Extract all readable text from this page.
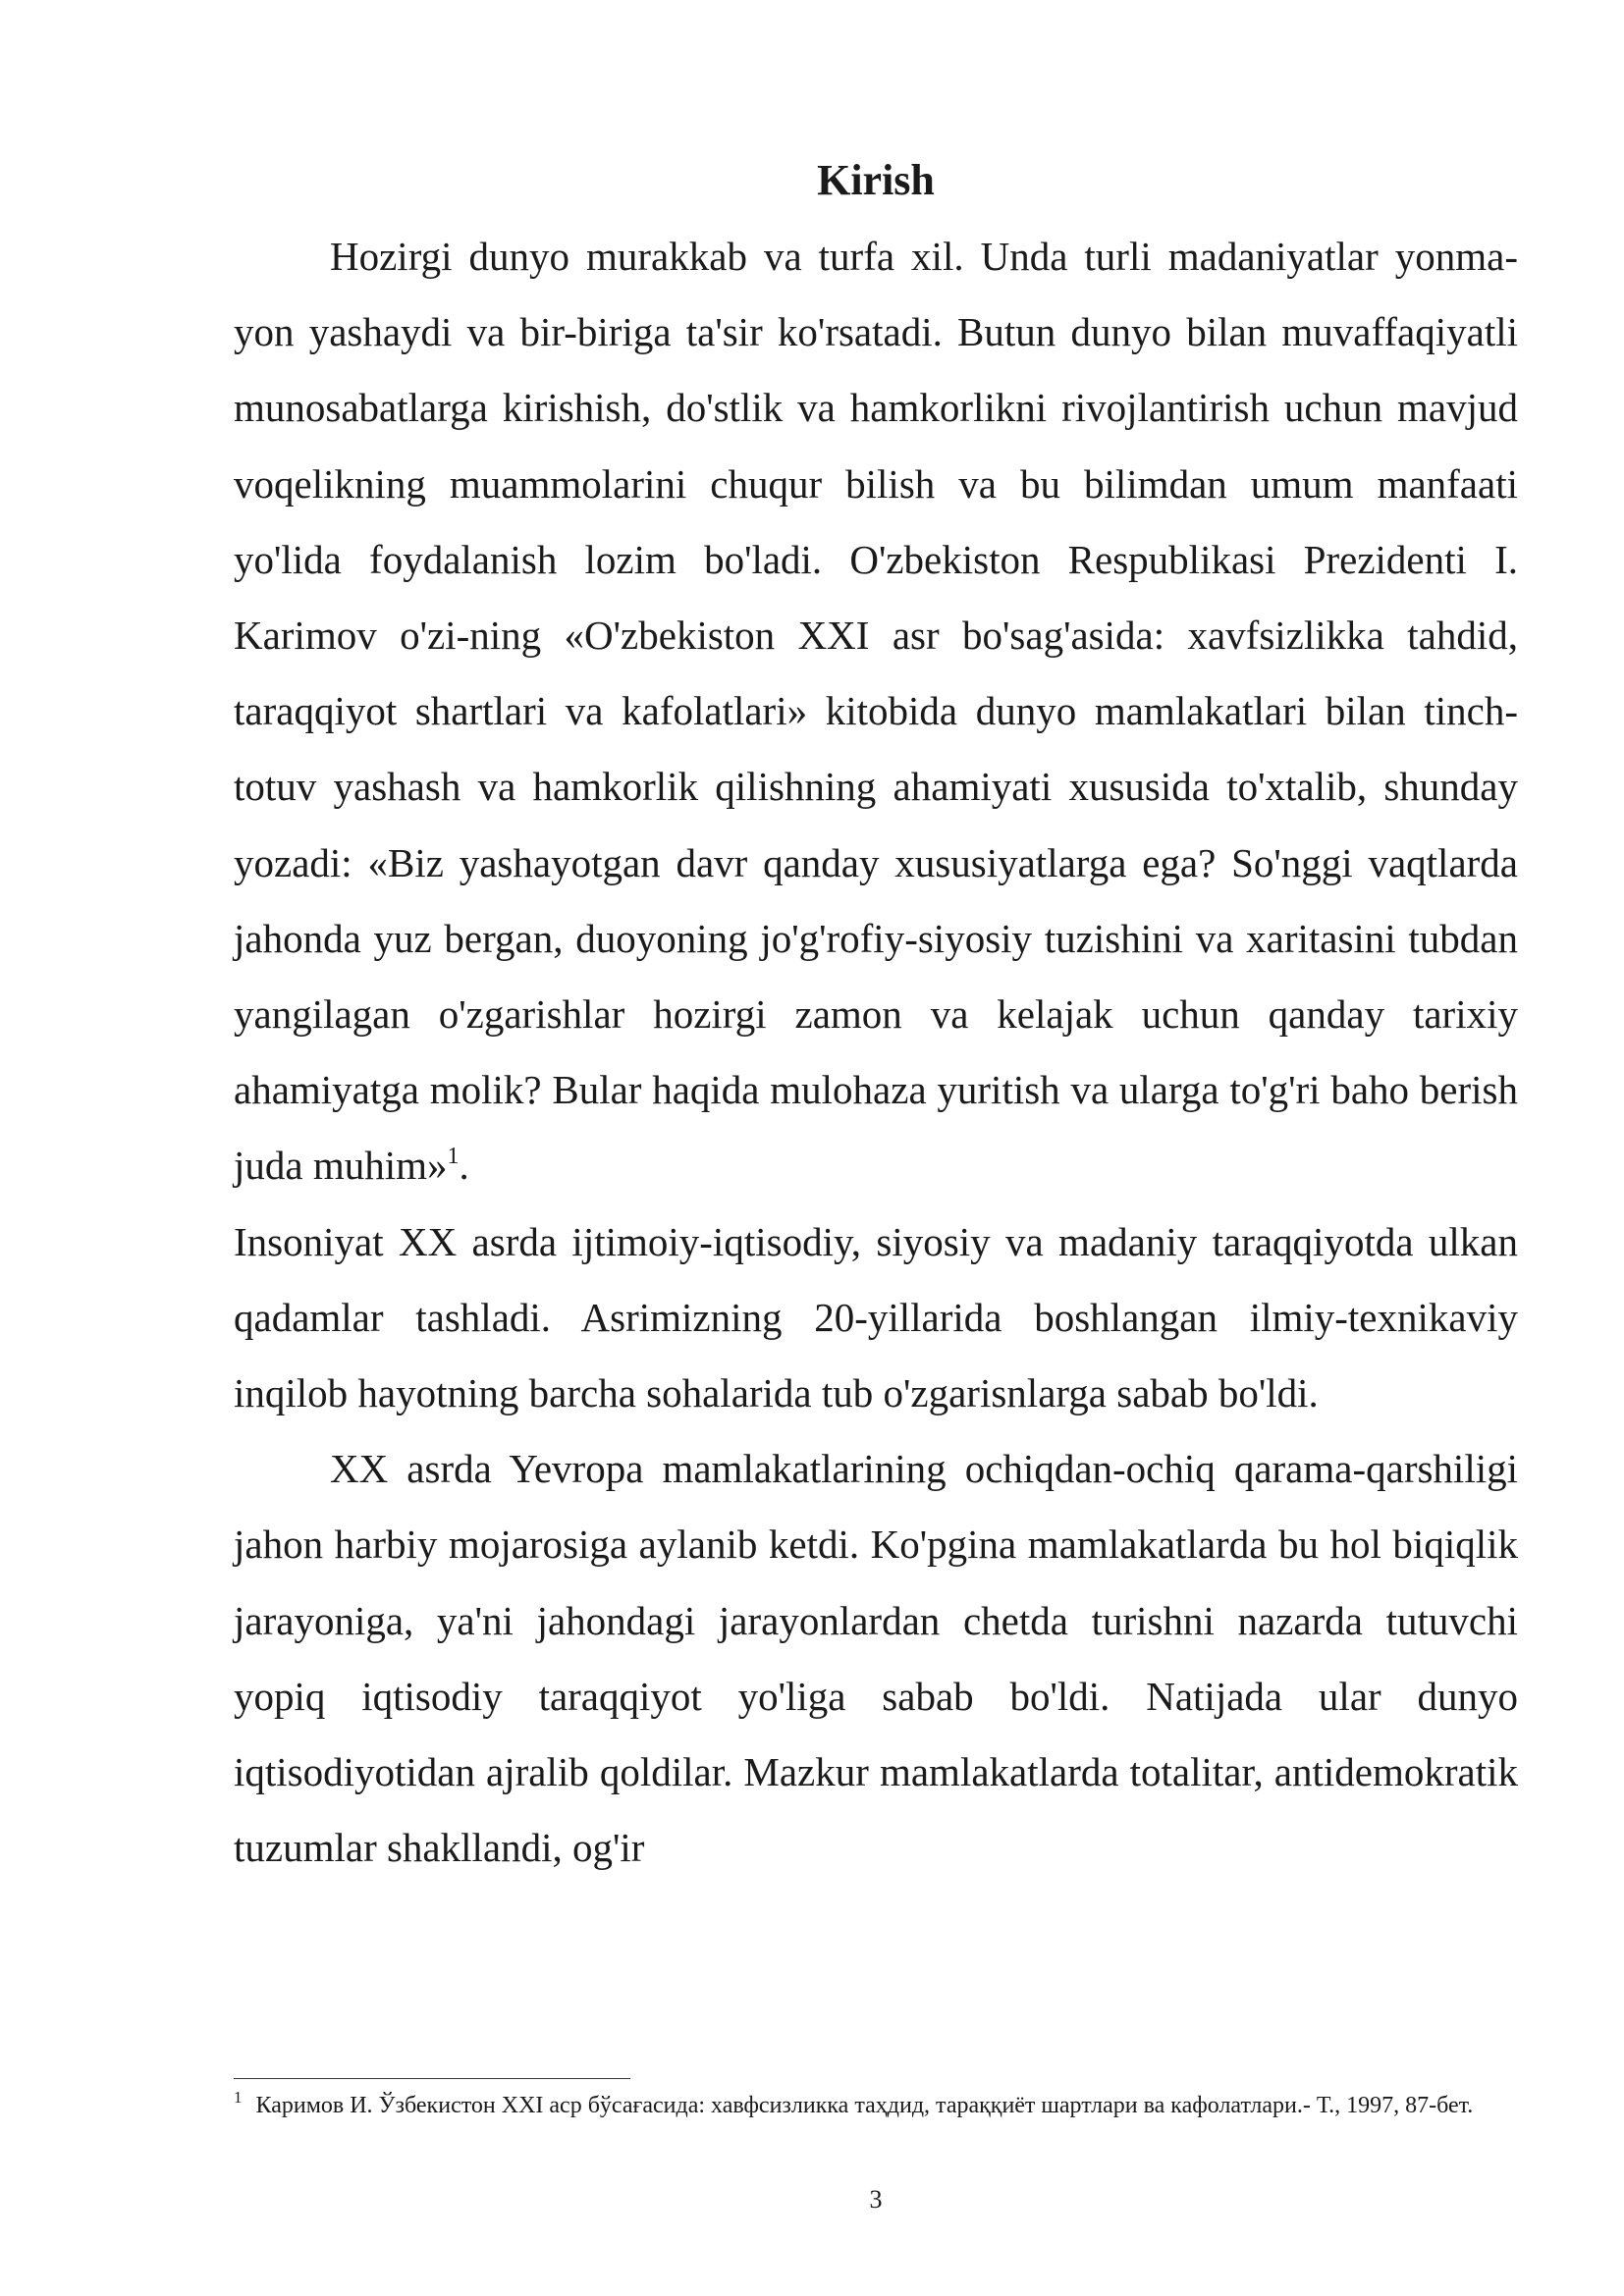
Kirish

Hozirgi dunyo murakkab va turfa xil. Unda turli madaniyatlar yonma-yon yashaydi va bir-biriga ta'sir ko'rsatadi. Butun dunyo bilan muvaffaqiyatli munosabatlarga kirishish, do'stlik va hamkorlikni rivojlantirish uchun mavjud voqelikning muammolarini chuqur bilish va bu bilimdan umum manfaati yo'lida foydalanish lozim bo'ladi. O'zbekiston Respublikasi Prezidenti I. Karimov o'zi-ning «O'zbekiston XXI asr bo'sag'asida: xavfsizlikka tahdid, taraqqiyot shartlari va kafolatlari» kitobida dunyo mamlakatlari bilan tinch-totuv yashash va hamkorlik qilishning ahamiyati xususida to'xtalib, shunday yozadi: «Biz yashayotgan davr qanday xususiyatlarga ega? So'nggi vaqtlarda jahonda yuz bergan, duoyoning jo'g'rofiy-siyosiy tuzishini va xaritasini tubdan yangilagan o'zgarishlar hozirgi zamon va kelajak uchun qanday tarixiy ahamiyatga molik? Bular haqida mulohaza yuritish va ularga to'g'ri baho berish juda muhim»$^1$.

Insoniyat XX asrda ijtimoiy-iqtisodiy, siyosiy va madaniy taraqqiyotda ulkan qadamlar tashladi. Asrimizning 20-yillarida boshlangan ilmiy-texnikaviy inqilob hayotning barcha sohalarida tub o'zgarisnlarga sabab bo'ldi.

XX asrda Yevropa mamlakatlarining ochiqdan-ochiq qarama-qarshiligi jahon harbiy mojarosiga aylanib ketdi. Ko'pgina mamlakatlarda bu hol biqiqlik jarayoniga, ya'ni jahondagi jarayonlardan chetda turishni nazarda tutuvchi yopiq iqtisodiy taraqqiyot yo'liga sabab bo'ldi. Natijada ular dunyo iqtisodiyotidan ajralib qoldilar. Mazkur mamlakatlarda totalitar, antidemokratik tuzumlar shakllandi, og'ir

$^1$ Каримов И. Ўзбекистон XXI аср бўсағасида: хавфсизликка таҳдид, тараққиёт шартлари ва кафолатлари.- Т., 1997, 87-бет.
3
